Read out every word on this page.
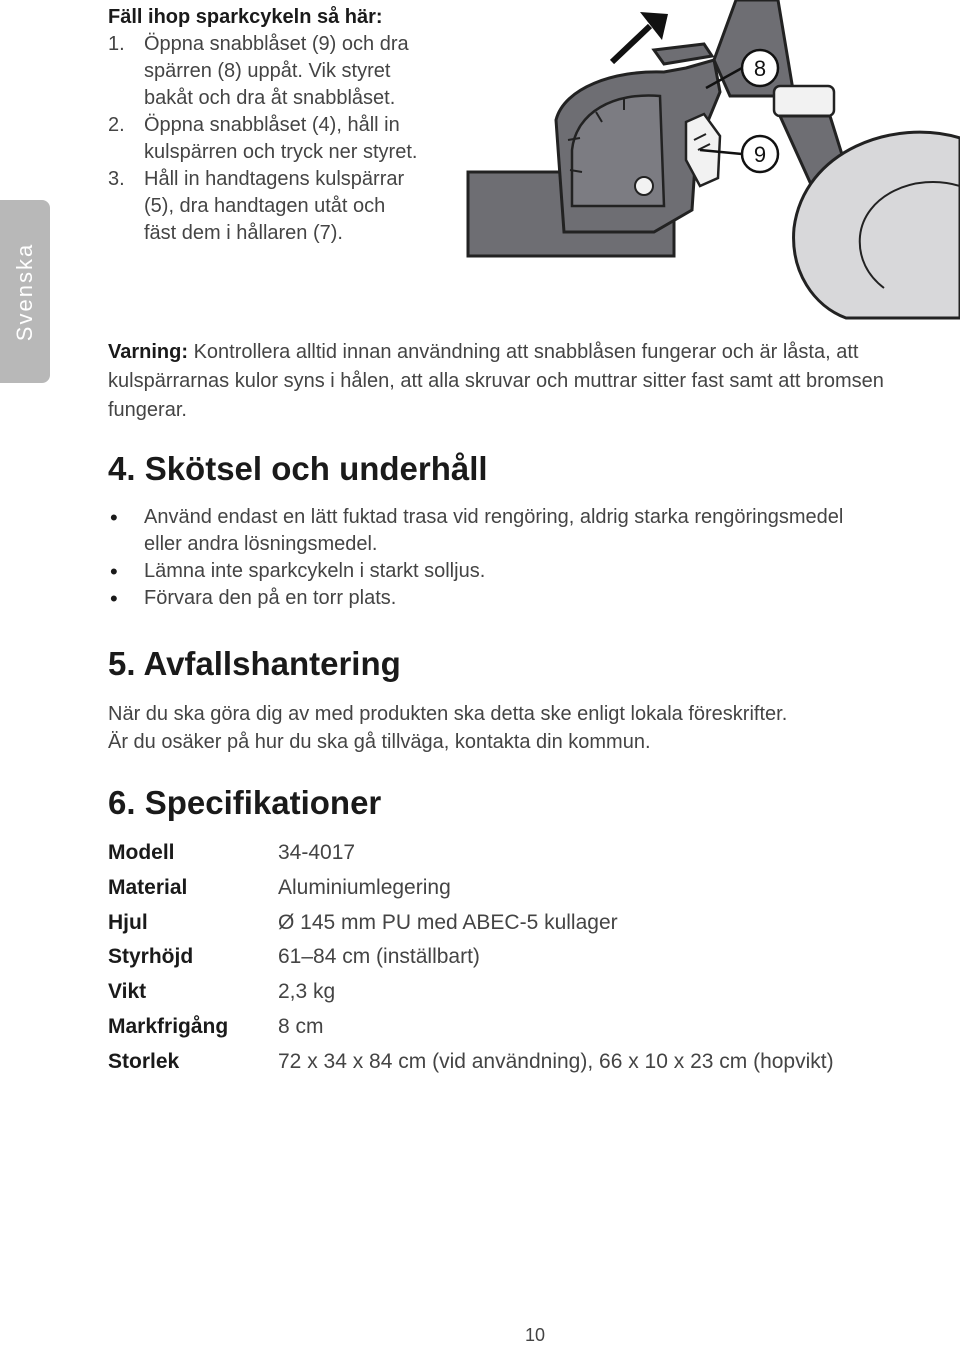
Svenska
Fäll ihop sparkcykeln så här:
1. Öppna snabblåset (9) och dra
spärren (8) uppåt. Vik styret
bakåt och dra åt snabblåset.
2. Öppna snabblåset (4), håll in
kulspärren och tryck ner styret.
3. Håll in handtagens kulspärrar
(5), dra handtagen utåt och
fäst dem i hållaren (7).
8
9
Varning: Kontrollera alltid innan användning att snabblåsen fungerar och är låsta, att kulspärrarnas kulor syns i hålen, att alla skruvar och muttrar sitter fast samt att bromsen fungerar.
4. Skötsel och underhåll
• Använd endast en lätt fuktad trasa vid rengöring, aldrig starka rengöringsmedel
eller andra lösningsmedel.
• Lämna inte sparkcykeln i starkt solljus.
• Förvara den på en torr plats.
5. Avfallshantering

När du ska göra dig av med produkten ska detta ske enligt lokala föreskrifter.

Är du osäker på hur du ska gå tillväga, kontakta din kommun.

6. Specifikationer
Modell	34-4017
Material	Aluminiumlegering
Hjul	Ø 145 mm PU med ABEC-5 kullager
Styrhöjd	61–84 cm (inställbart)
Vikt	2,3 kg
Markfrigång 8 cm
Storlek	72 x 34 x 84 cm (vid användning), 66 x 10 x 23 cm (hopvikt)
10
